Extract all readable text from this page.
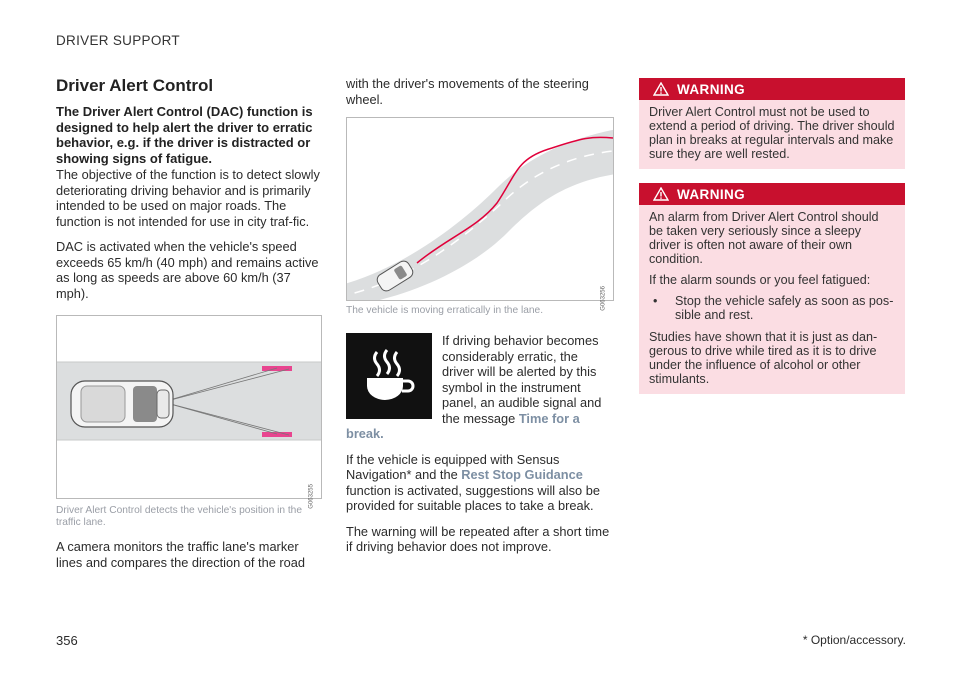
DRIVER SUPPORT
Driver Alert Control
The Driver Alert Control (DAC) function is designed to help alert the driver to erratic behavior, e.g. if the driver is distracted or showing signs of fatigue.

The objective of the function is to detect slowly deteriorating driving behavior and is primarily intended to be used on major roads. The function is not intended for use in city traf-fic.

DAC is activated when the vehicle's speed exceeds 65 km/h (40 mph) and remains active as long as speeds are above 60 km/h (37 mph).

G063255
Driver Alert Control detects the vehicle's position in the traffic lane.

A camera monitors the traffic lane's marker lines and compares the direction of the road

with the driver's movements of the steering wheel.

G063256
The vehicle is moving erratically in the lane.

If driving behavior becomes considerably erratic, the driver will be alerted by this symbol in the instrument panel, an audible signal and the message Time for a break.

If the vehicle is equipped with Sensus Navigation* and the Rest Stop Guidance function is activated, suggestions will also be provided for suitable places to take a break.

The warning will be repeated after a short time if driving behavior does not improve.

WARNING

Driver Alert Control must not be used to extend a period of driving. The driver should plan in breaks at regular intervals and make sure they are well rested.

WARNING

An alarm from Driver Alert Control should be taken very seriously since a sleepy driver is often not aware of their own condition.

If the alarm sounds or you feel fatigued:

•	Stop the vehicle safely as soon as pos-sible and rest.

Studies have shown that it is just as dan-gerous to drive while tired as it is to drive under the influence of alcohol or other stimulants.

356	* Option/accessory.
